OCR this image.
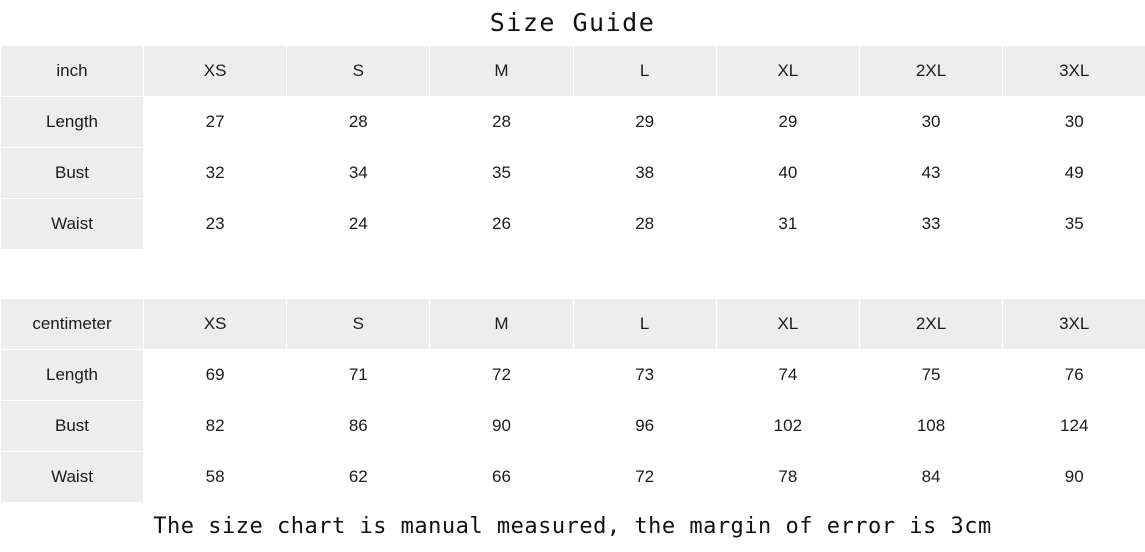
Size Guide
inch	XS	S	M	L	XL	2XL	3XL
Length	27	28	28	29	29	30	30
Bust	32	34	35	38	40	43	49
Waist	23	24	26	28	31	33	35
centimeter	XS	S	M	L	XL	2XL	3XL
Length	69	71	72	73	74	75	76
Bust	82	86	90	96	102	108	124
Waist	58	62	66	72	78	84	90
The size chart is manual measured, the margin of error is 3cm
